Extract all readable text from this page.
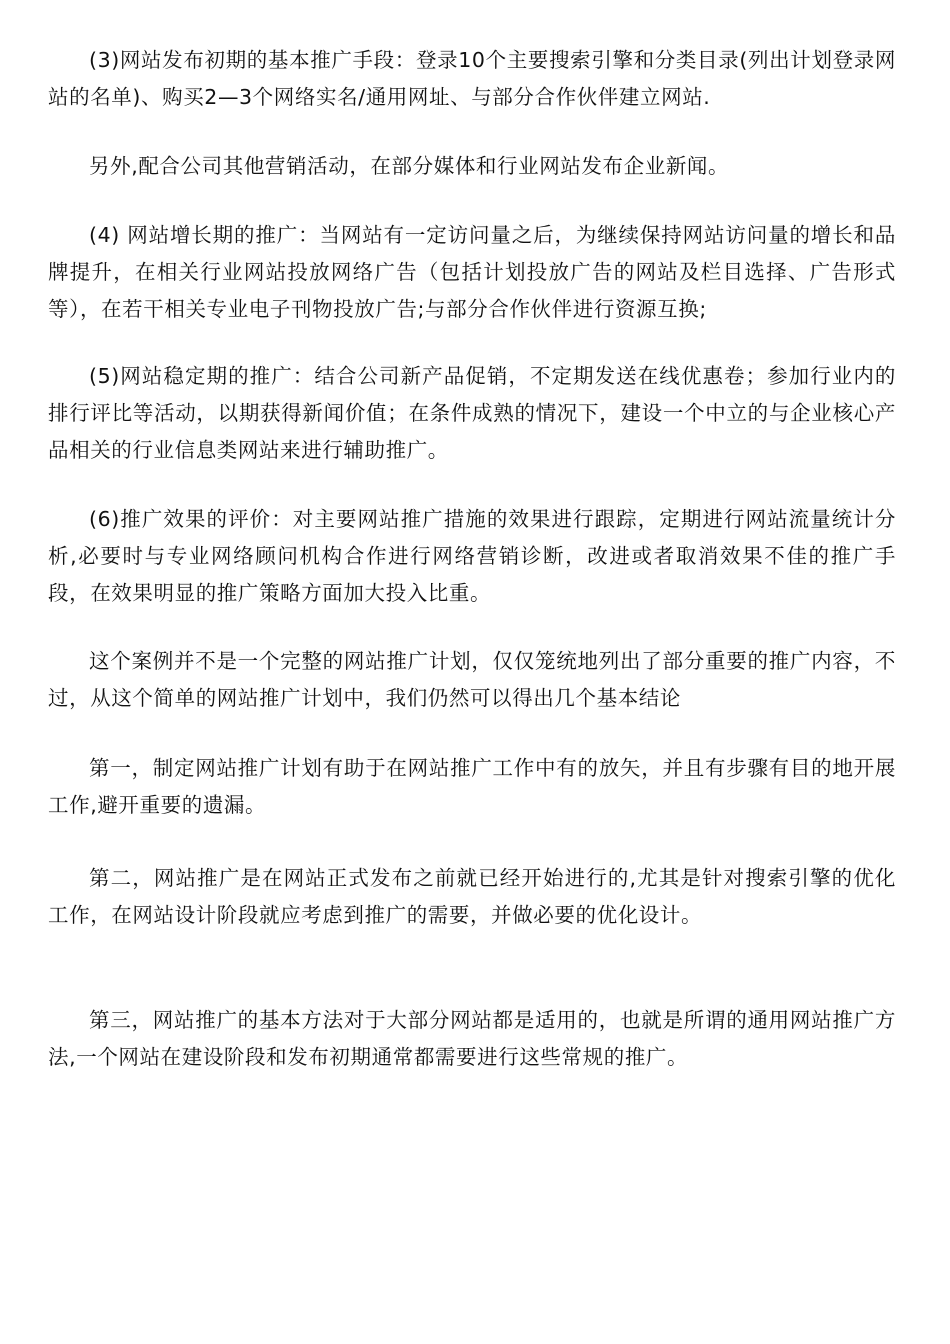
(3)网站发布初期的基本推广手段：登录10个主要搜索引擎和分类目录(列出计划登录网站的名单)、购买2—3个网络实名/通用网址、与部分合作伙伴建立网站.

另外,配合公司其他营销活动，在部分媒体和行业网站发布企业新闻。

(4) 网站增长期的推广：当网站有一定访问量之后，为继续保持网站访问量的增长和品牌提升，在相关行业网站投放网络广告（包括计划投放广告的网站及栏目选择、广告形式等），在若干相关专业电子刊物投放广告;与部分合作伙伴进行资源互换;

(5)网站稳定期的推广：结合公司新产品促销，不定期发送在线优惠卷；参加行业内的排行评比等活动，以期获得新闻价值；在条件成熟的情况下，建设一个中立的与企业核心产品相关的行业信息类网站来进行辅助推广。

(6)推广效果的评价：对主要网站推广措施的效果进行跟踪，定期进行网站流量统计分析,必要时与专业网络顾问机构合作进行网络营销诊断，改进或者取消效果不佳的推广手段，在效果明显的推广策略方面加大投入比重。

这个案例并不是一个完整的网站推广计划，仅仅笼统地列出了部分重要的推广内容，不过，从这个简单的网站推广计划中，我们仍然可以得出几个基本结论

第一，制定网站推广计划有助于在网站推广工作中有的放矢，并且有步骤有目的地开展工作,避开重要的遗漏。

第二，网站推广是在网站正式发布之前就已经开始进行的,尤其是针对搜索引擎的优化工作，在网站设计阶段就应考虑到推广的需要，并做必要的优化设计。

第三，网站推广的基本方法对于大部分网站都是适用的，也就是所谓的通用网站推广方法,一个网站在建设阶段和发布初期通常都需要进行这些常规的推广。
